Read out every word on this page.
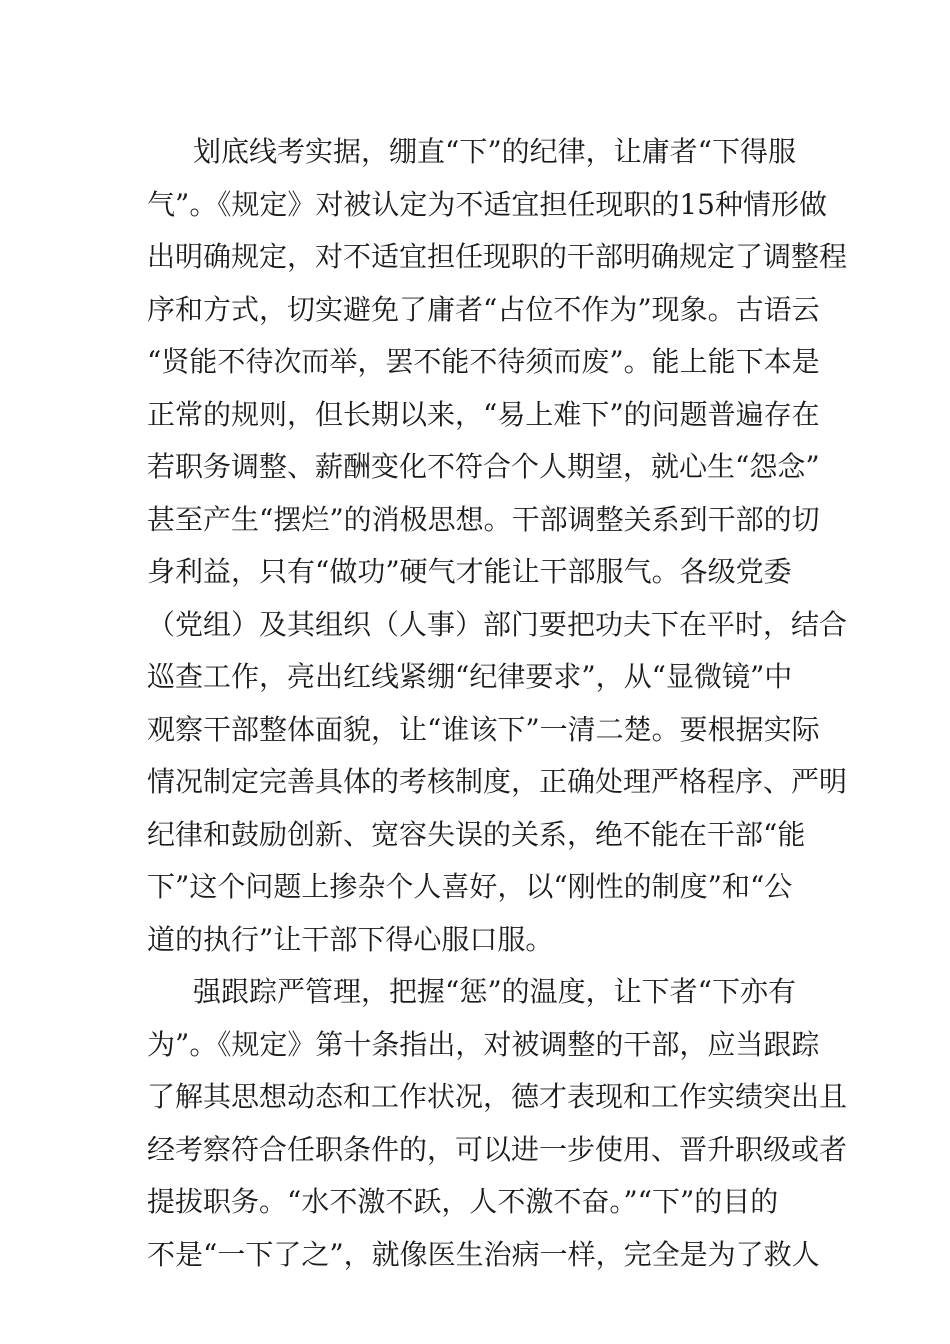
划底线考实据，绷直“下”的纪律，让庸者“下得服
气”。《规定》对被认定为不适宜担任现职的15种情形做
出明确规定，对不适宜担任现职的干部明确规定了调整程
序和方式，切实避免了庸者“占位不作为”现象。古语云
“贤能不待次而举，罢不能不待须而废”。能上能下本是
正常的规则，但长期以来，“易上难下”的问题普遍存在
若职务调整、薪酬变化不符合个人期望，就心生“怨念”
甚至产生“摆烂”的消极思想。干部调整关系到干部的切
身利益，只有“做功”硬气才能让干部服气。各级党委
（党组）及其组织（人事）部门要把功夫下在平时，结合
巡查工作，亮出红线紧绷“纪律要求”，从“显微镜”中
观察干部整体面貌，让“谁该下”一清二楚。要根据实际
情况制定完善具体的考核制度，正确处理严格程序、严明
纪律和鼓励创新、宽容失误的关系，绝不能在干部“能
下”这个问题上掺杂个人喜好，以“刚性的制度”和“公
道的执行”让干部下得心服口服。
强跟踪严管理，把握“惩”的温度，让下者“下亦有
为”。《规定》第十条指出，对被调整的干部，应当跟踪
了解其思想动态和工作状况，德才表现和工作实绩突出且
经考察符合任职条件的，可以进一步使用、晋升职级或者
提拔职务。“水不激不跃，人不激不奋。”“下”的目的
不是“一下了之”，就像医生治病一样，完全是为了救人
